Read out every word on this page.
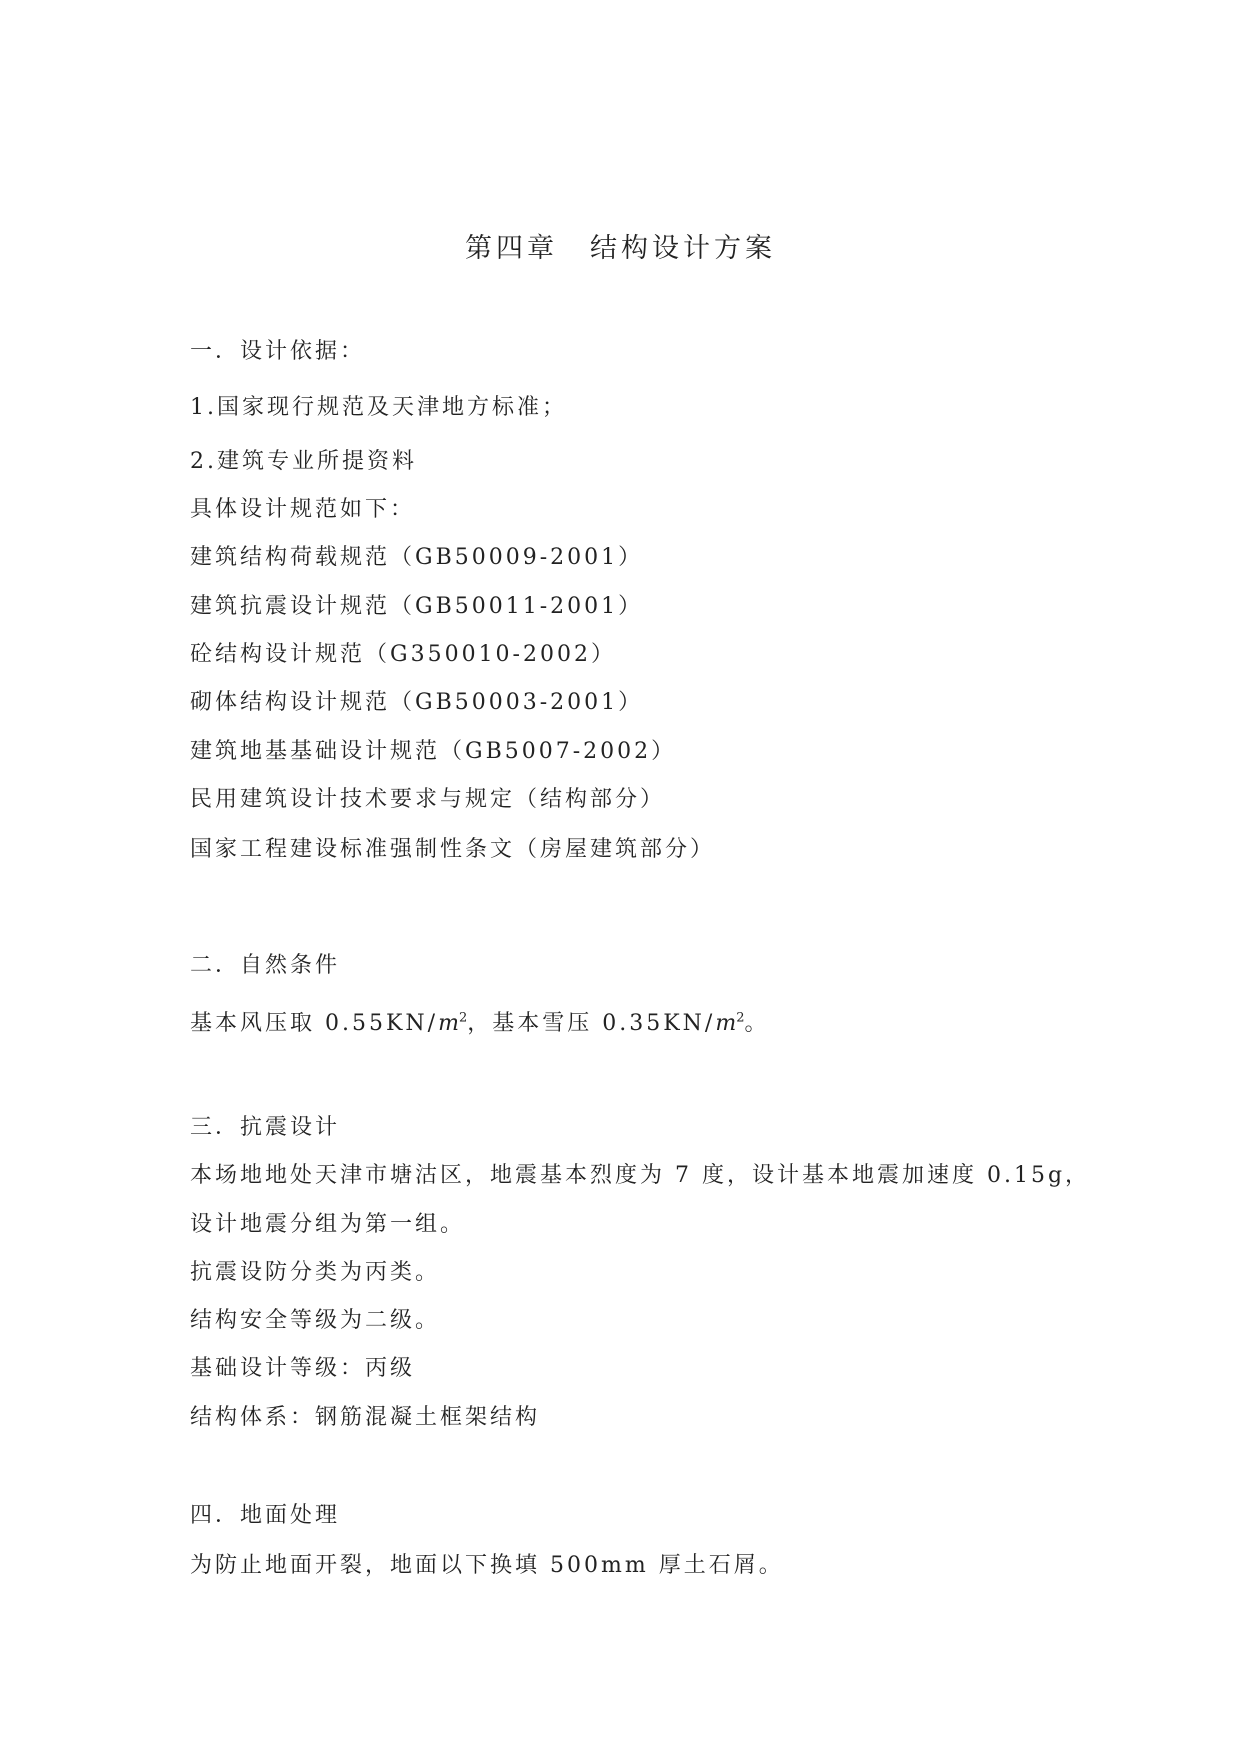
第四章 结构设计方案
一．设计依据：
1.国家现行规范及天津地方标准；
2.建筑专业所提资料
具体设计规范如下：
建筑结构荷载规范（GB50009-2001）
建筑抗震设计规范（GB50011-2001）
砼结构设计规范（G350010-2002）
砌体结构设计规范（GB50003-2001）
建筑地基基础设计规范（GB5007-2002）
民用建筑设计技术要求与规定（结构部分）
国家工程建设标准强制性条文（房屋建筑部分）
二．自然条件
基本风压取 $0.55KN/m^2$，基本雪压 $0.35KN/m^2$。
三．抗震设计
本场地地处天津市塘沽区，地震基本烈度为 7 度，设计基本地震加速度 0.15g，
设计地震分组为第一组。
抗震设防分类为丙类。
结构安全等级为二级。
基础设计等级：丙级
结构体系：钢筋混凝土框架结构
四．地面处理
为防止地面开裂，地面以下换填 500mm 厚土石屑。
